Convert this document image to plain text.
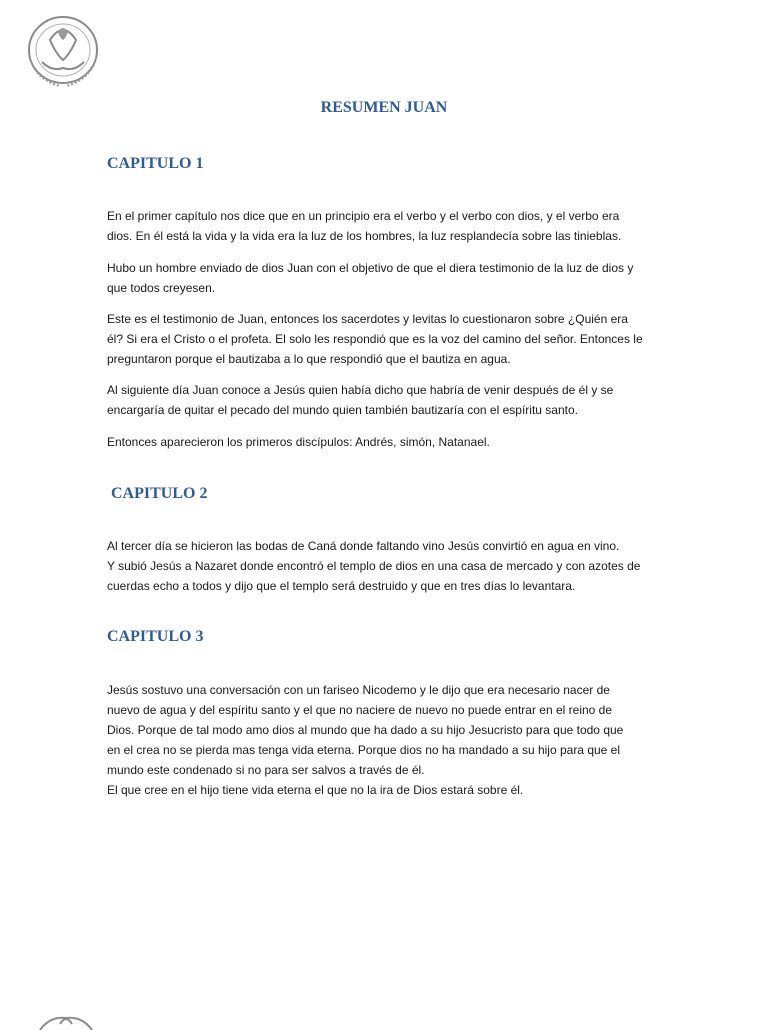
RESUMEN JUAN
CAPITULO 1

En el primer capítulo nos dice que en un principio era el verbo y el verbo con dios, y el verbo era
dios. En él está la vida y la vida era la luz de los hombres, la luz resplandecía sobre las tinieblas.

Hubo un hombre enviado de dios Juan con el objetivo de que el diera testimonio de la luz de dios y
que todos creyesen.

Este es el testimonio de Juan, entonces los sacerdotes y levitas lo cuestionaron sobre ¿Quién era
él? Si era el Cristo o el profeta. El solo les respondió que es la voz del camino del señor. Entonces le
preguntaron porque el bautizaba a lo que respondió que el bautiza en agua.

Al siguiente día Juan conoce a Jesús quien había dicho que habría de venir después de él y se
encargaría de quitar el pecado del mundo quien también bautizaría con el espíritu santo.

Entonces aparecieron los primeros discípulos: Andrés, simón, Natanael.

CAPITULO 2

Al tercer día se hicieron las bodas de Caná donde faltando vino Jesús convirtió en agua en vino.
Y subió Jesús a Nazaret donde encontró el templo de dios en una casa de mercado y con azotes de
cuerdas echo a todos y dijo que el templo será destruido y que en tres días lo levantara.

CAPITULO 3

Jesús sostuvo una conversación con un fariseo Nicodemo y le dijo que era necesario nacer de
nuevo de agua y del espíritu santo y el que no naciere de nuevo no puede entrar en el reino de
Dios. Porque de tal modo amo dios al mundo que ha dado a su hijo Jesucristo para que todo que
en el crea no se pierda mas tenga vida eterna. Porque dios no ha mandado a su hijo para que el
mundo este condenado si no para ser salvos a través de él.
El que cree en el hijo tiene vida eterna el que no la ira de Dios estará sobre él.
